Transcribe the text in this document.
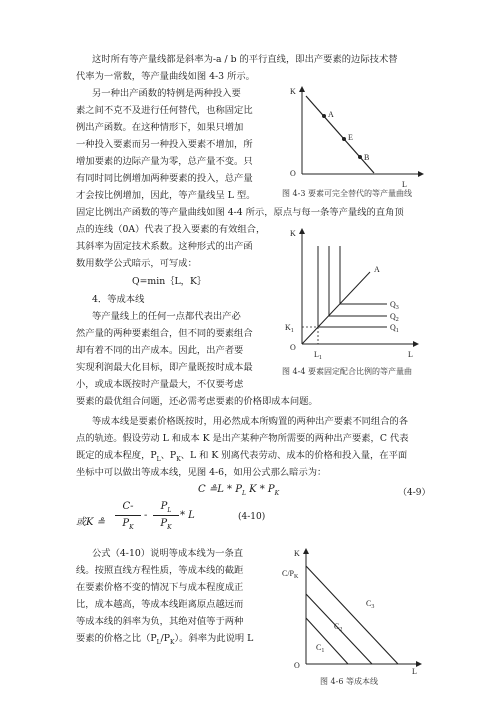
这时所有等产量线都是斜率为-a / b 的平行直线，即出产要素的边际技术替
代率为一常数，等产量曲线如图 4-3 所示。
另一种出产函数的特例是两种投入要
素之间不克不及进行任何替代，也称固定比
例出产函数。在这种情形下，如果只增加
一种投入要素而另一种投入要素不增加，所
增加要素的边际产量为零，总产量不变。只
有同时同比例增加两种要素的投入，总产量
才会按比例增加，因此，等产量线呈 L 型。
固定比例出产函数的等产量曲线如图 4-4 所示，原点与每一条等产量线的直角顶
点的连线（0A）代表了投入要素的有效组合，
其斜率为固定技术系数。这种形式的出产函
数用数学公式暗示，可写成：
Q=min｛L，K｝
4．等成本线
等产量线上的任何一点都代表出产必
然产量的两种要素组合，但不同的要素组合
却有着不同的出产成本。因此，出产者要
实现利润最大化目标，即产量既按时成本最
小，或成本既按时产量最大，不仅要考虑
要素的最优组合问题，还必需考虑要素的价格即成本问题。
等成本线是要素价格既按时，用必然成本所购置的两种出产要素不同组合的各
点的轨迹。假设劳动 L 和成本 K 是出产某种产物所需要的两种出产要素，C 代表
既定的成本程度，$P_L$、$P_K$、L 和 K 别离代表劳动、成本的价格和投入量，在平面
坐标中可以做出等成本线，见图 4-6，如用公式那么暗示为：
C ≗L * $P_L$ K * $P_K$	（4-9）
或K ≗
C-
$P_K$
-
$P_L$
$P_K$
* L	(4-10)
公式（4-10）说明等成本线为一条直
线。按照直线方程性质，等成本线的截距
在要素价格不变的情况下与成本程度成正
比，成本越高，等成本线距离原点越远而
等成本线的斜率为负，其绝对值等于两种
要素的价格之比$(P_L/P_K)$。斜率为此说明 L
K
O
L
A
E
B
图 4-3 要素可完全替代的等产量曲线
K
O
L
A
$K_1$
$L_1$
$Q_1$
$Q_2$
$Q_3$
图 4-4 要素固定配合比例的等产量曲
K
$C/P_K$
O
L
$C_1$
$C_2$
$C_3$
图 4-6 等成本线
